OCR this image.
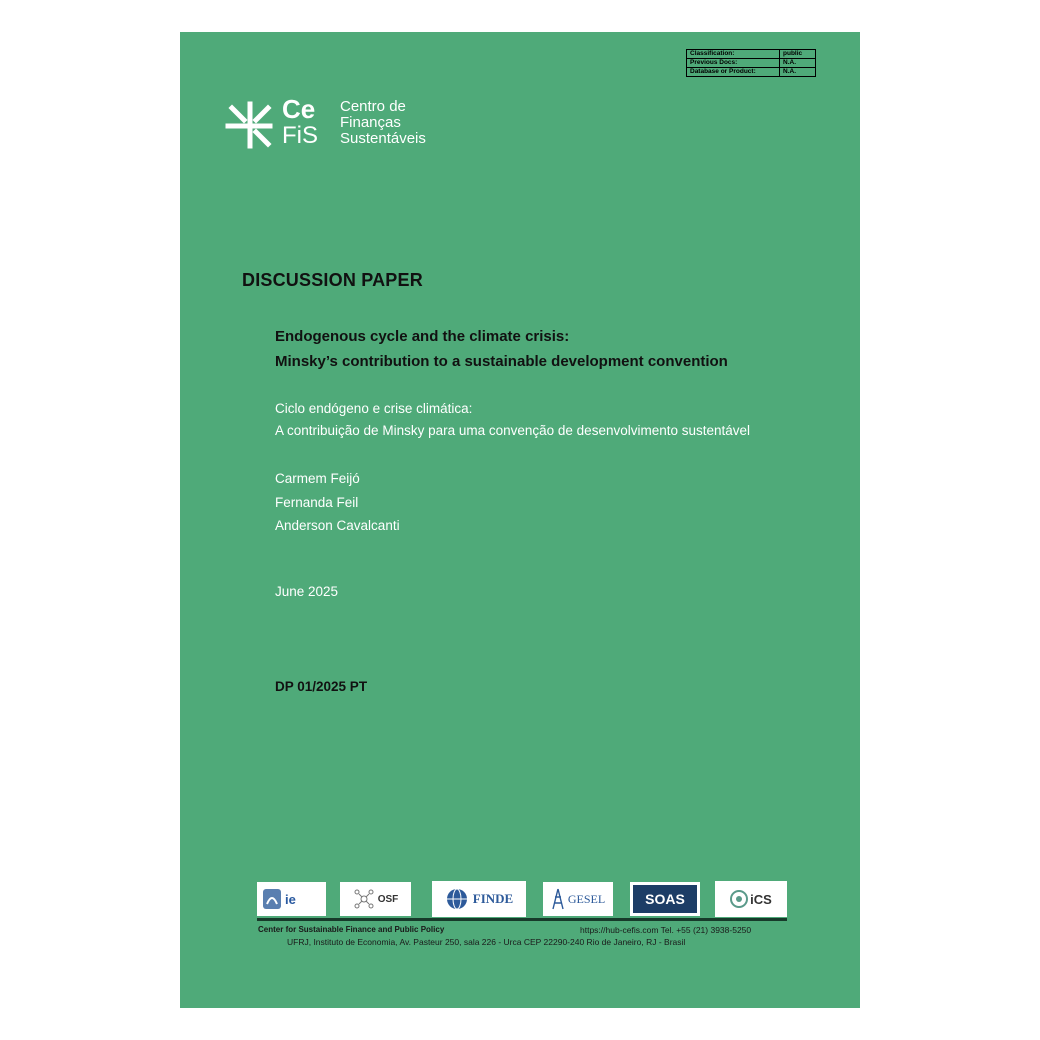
Classification:	public
Previous Docs:	N.A.
Database or Product:	N.A.
Ce
FiS
Centro de
Finanças
Sustentáveis
DISCUSSION PAPER
Endogenous cycle and the climate crisis:
Minsky’s contribution to a sustainable development convention
Ciclo endógeno e crise climática:
A contribuição de Minsky para uma convenção de desenvolvimento sustentável
Carmem Feijó
Fernanda Feil
Anderson Cavalcanti
June 2025
DP 01/2025 PT
ie	OSF	FINDE	GESEL	SOAS	iCS
Center for Sustainable Finance and Public Policy	https://hub-cefis.com Tel. +55 (21) 3938-5250
UFRJ, Instituto de Economia, Av. Pasteur 250, sala 226 - Urca CEP 22290-240 Rio de Janeiro, RJ - Brasil
